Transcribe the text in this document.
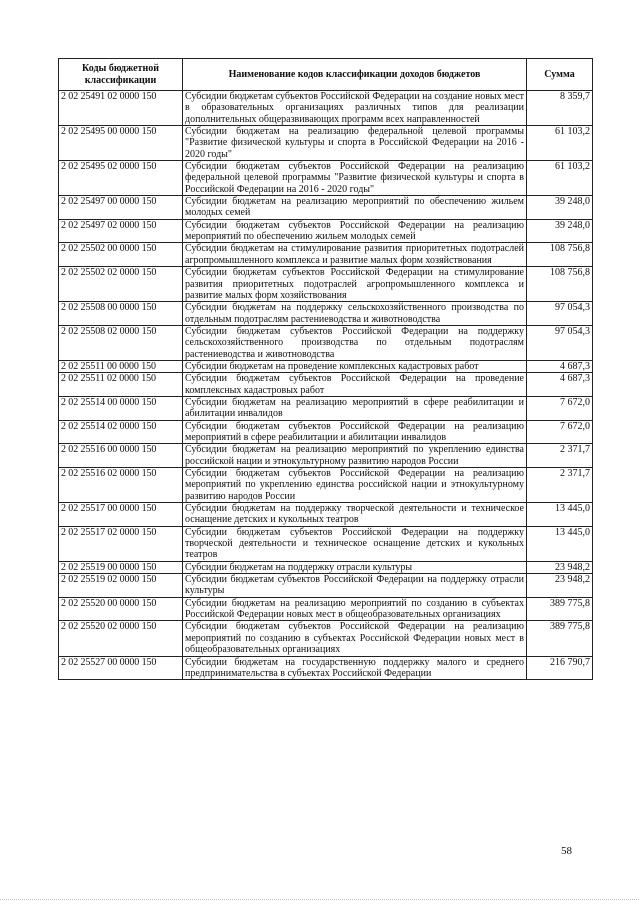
Коды бюджетной классификации	Наименование кодов классификации доходов бюджетов	Сумма
2 02 25491 02 0000 150	Субсидии бюджетам субъектов Российской Федерации на создание новых мест в образовательных организациях различных типов для реализации дополнительных общеразвивающих программ всех направленностей	8 359,7
2 02 25495 00 0000 150	Субсидии бюджетам на реализацию федеральной целевой программы "Развитие физической культуры и спорта в Российской Федерации на 2016 - 2020 годы"	61 103,2
2 02 25495 02 0000 150	Субсидии бюджетам субъектов Российской Федерации на реализацию федеральной целевой программы "Развитие физической культуры и спорта в Российской Федерации на 2016 - 2020 годы"	61 103,2
2 02 25497 00 0000 150	Субсидии бюджетам на реализацию мероприятий по обеспечению жильем молодых семей	39 248,0
2 02 25497 02 0000 150	Субсидии бюджетам субъектов Российской Федерации на реализацию мероприятий по обеспечению жильем молодых семей	39 248,0
2 02 25502 00 0000 150	Субсидии бюджетам на стимулирование развития приоритетных подотраслей агропромышленного комплекса и развитие малых форм хозяйствования	108 756,8
2 02 25502 02 0000 150	Субсидии бюджетам субъектов Российской Федерации на стимулирование развития приоритетных подотраслей агропромышленного комплекса и развитие малых форм хозяйствования	108 756,8
2 02 25508 00 0000 150	Субсидии бюджетам на поддержку сельскохозяйственного производства по отдельным подотраслям растениеводства и животноводства	97 054,3
2 02 25508 02 0000 150	Субсидии бюджетам субъектов Российской Федерации на поддержку сельскохозяйственного производства по отдельным подотраслям растениеводства и животноводства	97 054,3
2 02 25511 00 0000 150	Субсидии бюджетам на проведение комплексных кадастровых работ	4 687,3
2 02 25511 02 0000 150	Субсидии бюджетам субъектов Российской Федерации на проведение комплексных кадастровых работ	4 687,3
2 02 25514 00 0000 150	Субсидии бюджетам на реализацию мероприятий в сфере реабилитации и абилитации инвалидов	7 672,0
2 02 25514 02 0000 150	Субсидии бюджетам субъектов Российской Федерации на реализацию мероприятий в сфере реабилитации и абилитации инвалидов	7 672,0
2 02 25516 00 0000 150	Субсидии бюджетам на реализацию мероприятий по укреплению единства российской нации и этнокультурному развитию народов России	2 371,7
2 02 25516 02 0000 150	Субсидии бюджетам субъектов Российской Федерации на реализацию мероприятий по укреплению единства российской нации и этнокультурному развитию народов России	2 371,7
2 02 25517 00 0000 150	Субсидии бюджетам на поддержку творческой деятельности и техническое оснащение детских и кукольных театров	13 445,0
2 02 25517 02 0000 150	Субсидии бюджетам субъектов Российской Федерации на поддержку творческой деятельности и техническое оснащение детских и кукольных театров	13 445,0
2 02 25519 00 0000 150	Субсидии бюджетам на поддержку отрасли культуры	23 948,2
2 02 25519 02 0000 150	Субсидии бюджетам субъектов Российской Федерации на поддержку отрасли культуры	23 948,2
2 02 25520 00 0000 150	Субсидии бюджетам на реализацию мероприятий по созданию в субъектах Российской Федерации новых мест в общеобразовательных организациях	389 775,8
2 02 25520 02 0000 150	Субсидии бюджетам субъектов Российской Федерации на реализацию мероприятий по созданию в субъектах Российской Федерации новых мест в общеобразовательных организациях	389 775,8
2 02 25527 00 0000 150	Субсидии бюджетам на государственную поддержку малого и среднего предпринимательства в субъектах Российской Федерации	216 790,7
58
